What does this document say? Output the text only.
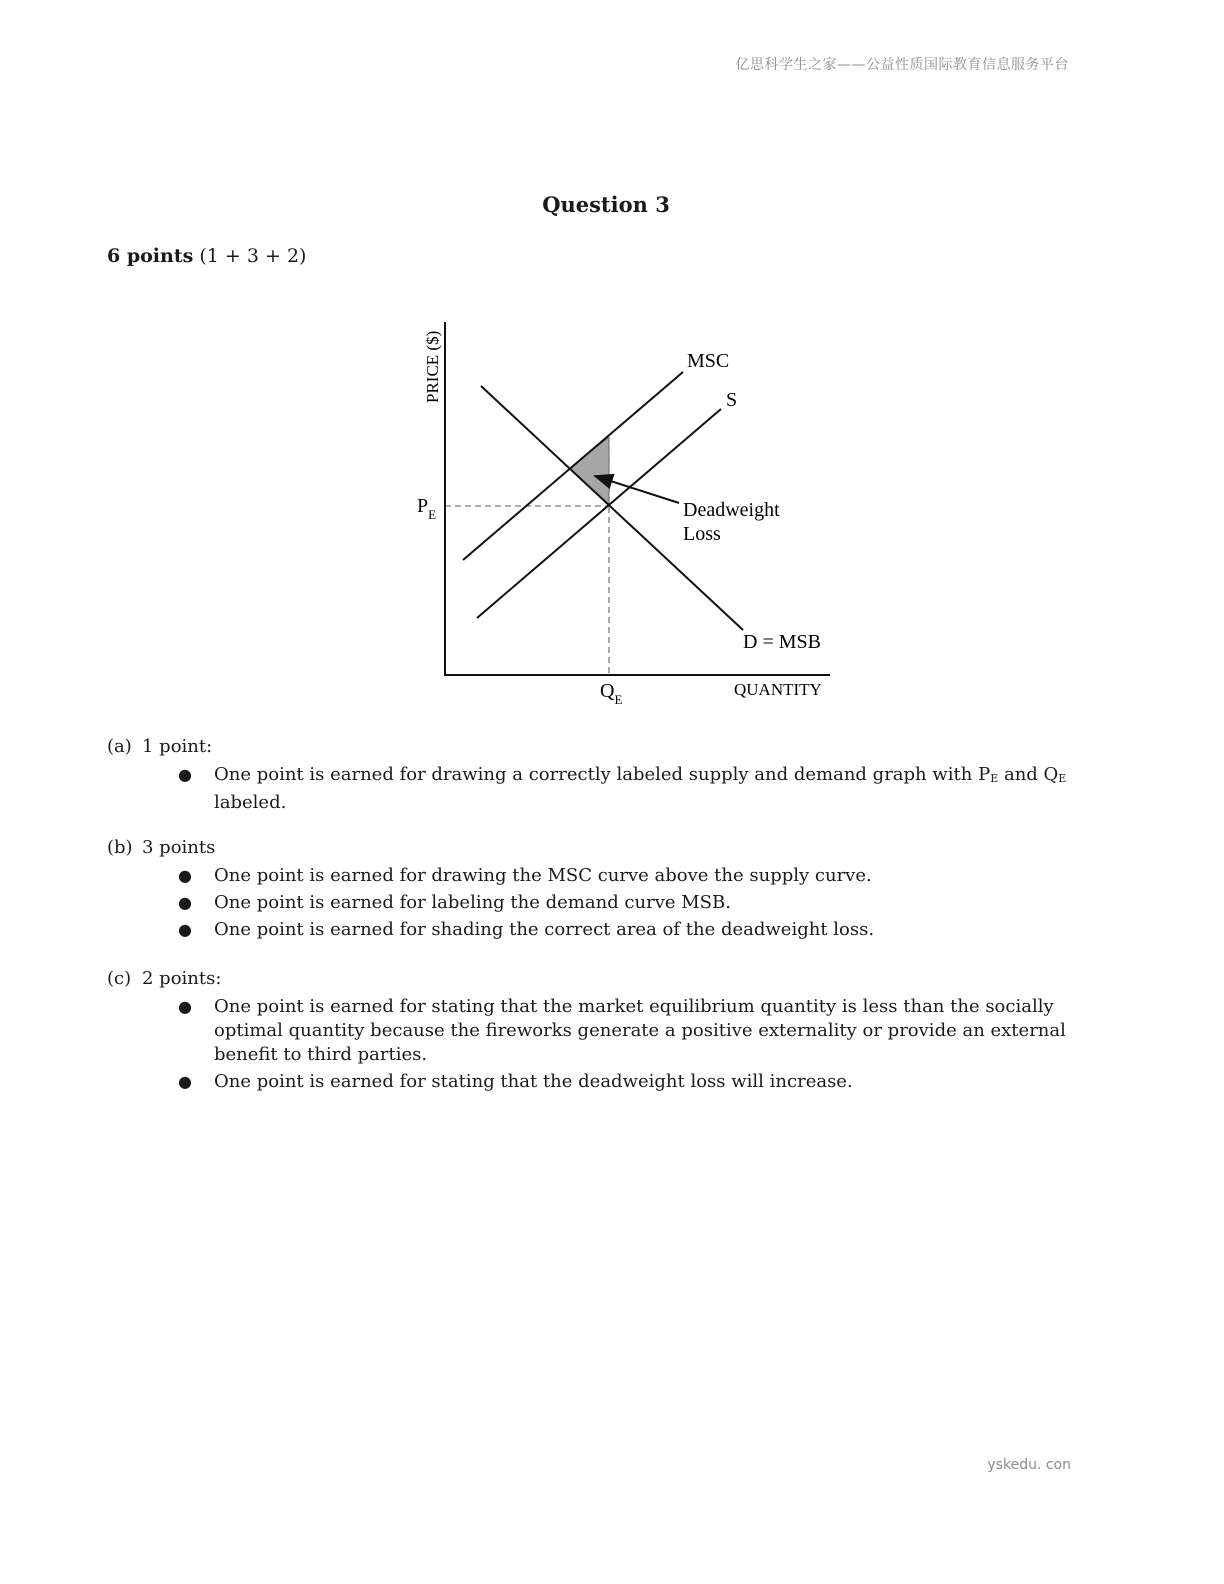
亿思科学生之家——公益性质国际教育信息服务平台
Question 3
6 points (1 + 3 + 2)
PRICE ($)
QUANTITY
MSC
S
D = MSB
Deadweight
Loss
$P_E$
$Q_E$
(a) 1 point:
● One point is earned for drawing a correctly labeled supply and demand graph with $P_E$ and $Q_E$ labeled.
(b) 3 points
● One point is earned for drawing the MSC curve above the supply curve.
● One point is earned for labeling the demand curve MSB.
● One point is earned for shading the correct area of the deadweight loss.
(c) 2 points:
● One point is earned for stating that the market equilibrium quantity is less than the socially optimal quantity because the fireworks generate a positive externality or provide an external benefit to third parties.
● One point is earned for stating that the deadweight loss will increase.
yskedu. con
